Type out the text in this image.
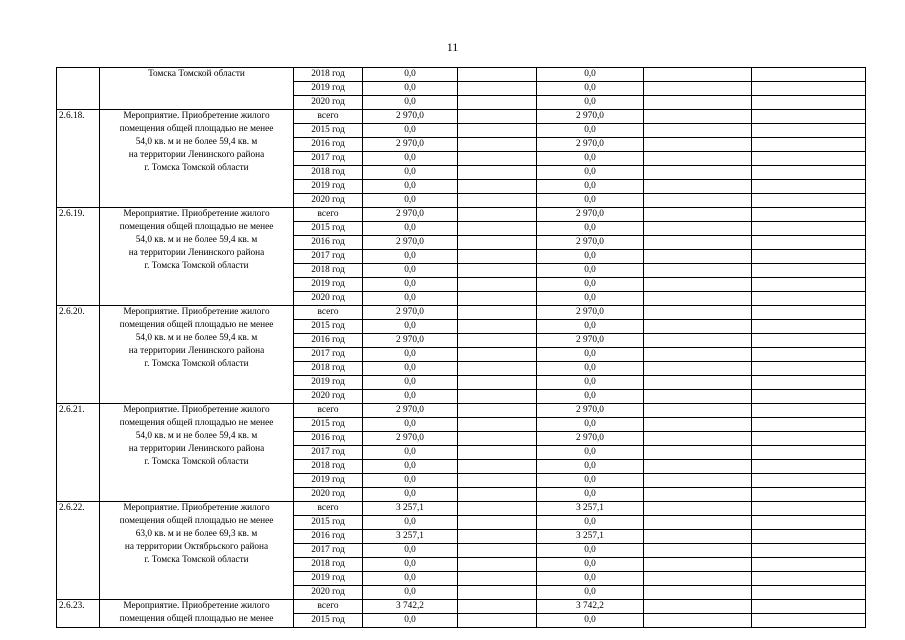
11

	Томска Томской области	2018 год	0,0		0,0		
		2019 год	0,0		0,0		
		2020 год	0,0		0,0		
2.6.18.	Мероприятие. Приобретение жилого
помещения общей площадью не менее
54,0 кв. м и не более 59,4 кв. м
на территории Ленинского района
г. Томска Томской области	всего	2 970,0		2 970,0		
		2015 год	0,0		0,0		
		2016 год	2 970,0		2 970,0		
		2017 год	0,0		0,0		
		2018 год	0,0		0,0		
		2019 год	0,0		0,0		
		2020 год	0,0		0,0		
2.6.19.	Мероприятие. Приобретение жилого
помещения общей площадью не менее
54,0 кв. м и не более 59,4 кв. м
на территории Ленинского района
г. Томска Томской области	всего	2 970,0		2 970,0		
		2015 год	0,0		0,0		
		2016 год	2 970,0		2 970,0		
		2017 год	0,0		0,0		
		2018 год	0,0		0,0		
		2019 год	0,0		0,0		
		2020 год	0,0		0,0		
2.6.20.	Мероприятие. Приобретение жилого
помещения общей площадью не менее
54,0 кв. м и не более 59,4 кв. м
на территории Ленинского района
г. Томска Томской области	всего	2 970,0		2 970,0		
		2015 год	0,0		0,0		
		2016 год	2 970,0		2 970,0		
		2017 год	0,0		0,0		
		2018 год	0,0		0,0		
		2019 год	0,0		0,0		
		2020 год	0,0		0,0		
2.6.21.	Мероприятие. Приобретение жилого
помещения общей площадью не менее
54,0 кв. м и не более 59,4 кв. м
на территории Ленинского района
г. Томска Томской области	всего	2 970,0		2 970,0		
		2015 год	0,0		0,0		
		2016 год	2 970,0		2 970,0		
		2017 год	0,0		0,0		
		2018 год	0,0		0,0		
		2019 год	0,0		0,0		
		2020 год	0,0		0,0		
2.6.22.	Мероприятие. Приобретение жилого
помещения общей площадью не менее
63,0 кв. м и не более 69,3 кв. м
на территории Октябрьского района
г. Томска Томской области	всего	3 257,1		3 257,1		
		2015 год	0,0		0,0		
		2016 год	3 257,1		3 257,1		
		2017 год	0,0		0,0		
		2018 год	0,0		0,0		
		2019 год	0,0		0,0		
		2020 год	0,0		0,0		
2.6.23.	Мероприятие. Приобретение жилого
помещения общей площадью не менее	всего	3 742,2		3 742,2		
		2015 год	0,0		0,0		
